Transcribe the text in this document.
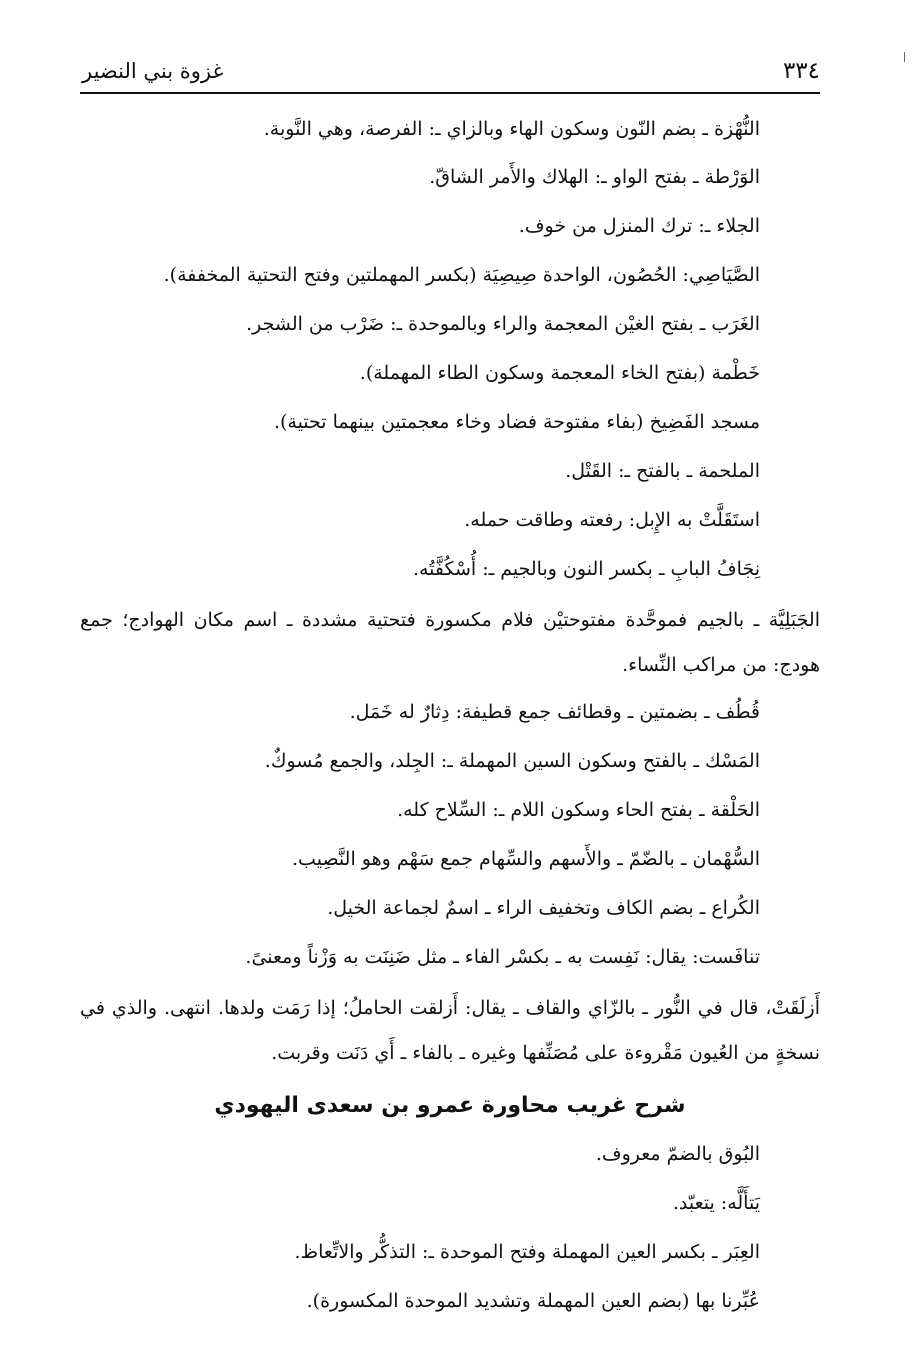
٣٣٤
غزوة بني النضير
النُّهْزة ـ بضم النّون وسكون الهاء وبالزاي ـ: الفرصة، وهي النَّوبة.
الوَرْطة ـ بفتح الواو ـ: الهلاك والأَمر الشاقّ.
الجلاء ـ: ترك المنزل من خوف.
الصَّيَاصِي: الحُصُون، الواحدة صِيصِيَة (بكسر المهملتين وفتح التحتية المخففة).
الغَرَب ـ بفتح الغيْن المعجمة والراء وبالموحدة ـ: ضَرْب من الشجر.
خَطْمة (بفتح الخاء المعجمة وسكون الطاء المهملة).
مسجد الفَضِيخ (بفاء مفتوحة فضاد وخاء معجمتين بينهما تحتية).
الملحمة ـ بالفتح ـ: القَتْل.
استَقَلَّتْ به الإِبل: رفعته وطاقت حمله.
نِجَافُ البابِ ـ بكسر النون وبالجيم ـ: أُسْكُفَّتُه.
الجَبَلِيَّة ـ بالجيم فموحَّدة مفتوحتيْن فلام مكسورة فتحتية مشددة ـ اسم مكان الهوادج؛ جمع هودج: من مراكب النِّساء.
قُطُف ـ بضمتين ـ وقطائف جمع قطيفة: دِثارٌ له خَمَل.
المَسْك ـ بالفتح وسكون السين المهملة ـ: الجِلد، والجمع مُسوكٌ.
الحَلْقة ـ بفتح الحاء وسكون اللام ـ: السِّلاح كله.
السُّهْمان ـ بالضّمّ ـ والأَسهم والسِّهام جمع سَهْم وهو النَّصِيب.
الكُراع ـ بضم الكاف وتخفيف الراء ـ اسمٌ لجماعة الخيل.
تنافَست: يقال: نَفِست به ـ بكسْر الفاء ـ مثل ضَنِنَت به وَزْناً ومعنىً.
أَزلَقَتْ، قال في النُّور ـ بالزّاي والقاف ـ يقال: أَزلقت الحاملُ؛ إذا رَمَت ولدها. انتهى. والذي في نسخةٍ من العُيون مَقْروءة على مُصَنِّفها وغيره ـ بالفاء ـ أَي دَنَت وقربت.
شرح غريب محاورة عمرو بن سعدى اليهودي
البُوق بالضمّ معروف.
يَتأَلَّه: يتعبّد.
العِبَر ـ بكسر العين المهملة وفتح الموحدة ـ: التذكُّر والاتِّعاظ.
عُبِّرنا بها (بضم العين المهملة وتشديد الموحدة المكسورة).
